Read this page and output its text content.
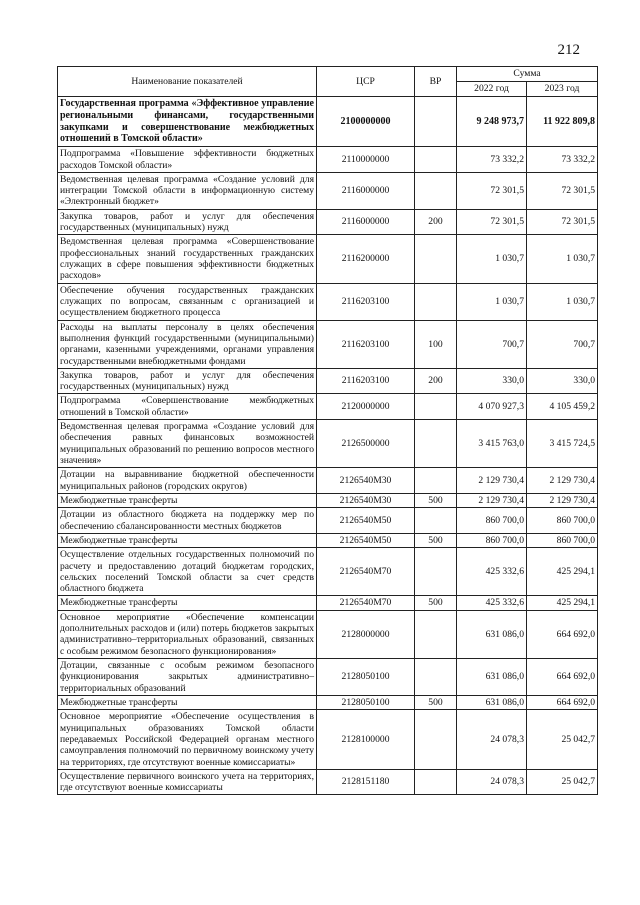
212
Наименование показателей	ЦСР	ВР	Сумма	
			2022 год	2023 год
Государственная программа «Эффективное управление региональными финансами, государственными закупками и совершенствование межбюджетных отношений в Томской области»	2100000000		9 248 973,7	11 922 809,8
Подпрограмма «Повышение эффективности бюджетных расходов Томской области»	2110000000		73 332,2	73 332,2
Ведомственная целевая программа «Создание условий для интеграции Томской области в информационную систему «Электронный бюджет»	2116000000		72 301,5	72 301,5
Закупка товаров, работ и услуг для обеспечения государственных (муниципальных) нужд	2116000000	200	72 301,5	72 301,5
Ведомственная целевая программа «Совершенствование профессиональных знаний государственных гражданских служащих в сфере повышения эффективности бюджетных расходов»	2116200000		1 030,7	1 030,7
Обеспечение обучения государственных гражданских служащих по вопросам, связанным с организацией и осуществлением бюджетного процесса	2116203100		1 030,7	1 030,7
Расходы на выплаты персоналу в целях обеспечения выполнения функций государственными (муниципальными) органами, казенными учреждениями, органами управления государственными внебюджетными фондами	2116203100	100	700,7	700,7
Закупка товаров, работ и услуг для обеспечения государственных (муниципальных) нужд	2116203100	200	330,0	330,0
Подпрограмма «Совершенствование межбюджетных отношений в Томской области»	2120000000		4 070 927,3	4 105 459,2
Ведомственная целевая программа «Создание условий для обеспечения равных финансовых возможностей муниципальных образований по решению вопросов местного значения»	2126500000		3 415 763,0	3 415 724,5
Дотации на выравнивание бюджетной обеспеченности муниципальных районов (городских округов)	2126540М30		2 129 730,4	2 129 730,4
Межбюджетные трансферты	2126540М30	500	2 129 730,4	2 129 730,4
Дотации из областного бюджета на поддержку мер по обеспечению сбалансированности местных бюджетов	2126540М50		860 700,0	860 700,0
Межбюджетные трансферты	2126540М50	500	860 700,0	860 700,0
Осуществление отдельных государственных полномочий по расчету и предоставлению дотаций бюджетам городских, сельских поселений Томской области за счет средств областного бюджета	2126540М70		425 332,6	425 294,1
Межбюджетные трансферты	2126540М70	500	425 332,6	425 294,1
Основное мероприятие «Обеспечение компенсации дополнительных расходов и (или) потерь бюджетов закрытых административно–территориальных образований, связанных с особым режимом безопасного функционирования»	2128000000		631 086,0	664 692,0
Дотации, связанные с особым режимом безопасного функционирования закрытых административно–территориальных образований	2128050100		631 086,0	664 692,0
Межбюджетные трансферты	2128050100	500	631 086,0	664 692,0
Основное мероприятие «Обеспечение осуществления в муниципальных образованиях Томской области передаваемых Российской Федерацией органам местного самоуправления полномочий по первичному воинскому учету на территориях, где отсутствуют военные комиссариаты»	2128100000		24 078,3	25 042,7
Осуществление первичного воинского учета на территориях, где отсутствуют военные комиссариаты	2128151180		24 078,3	25 042,7
